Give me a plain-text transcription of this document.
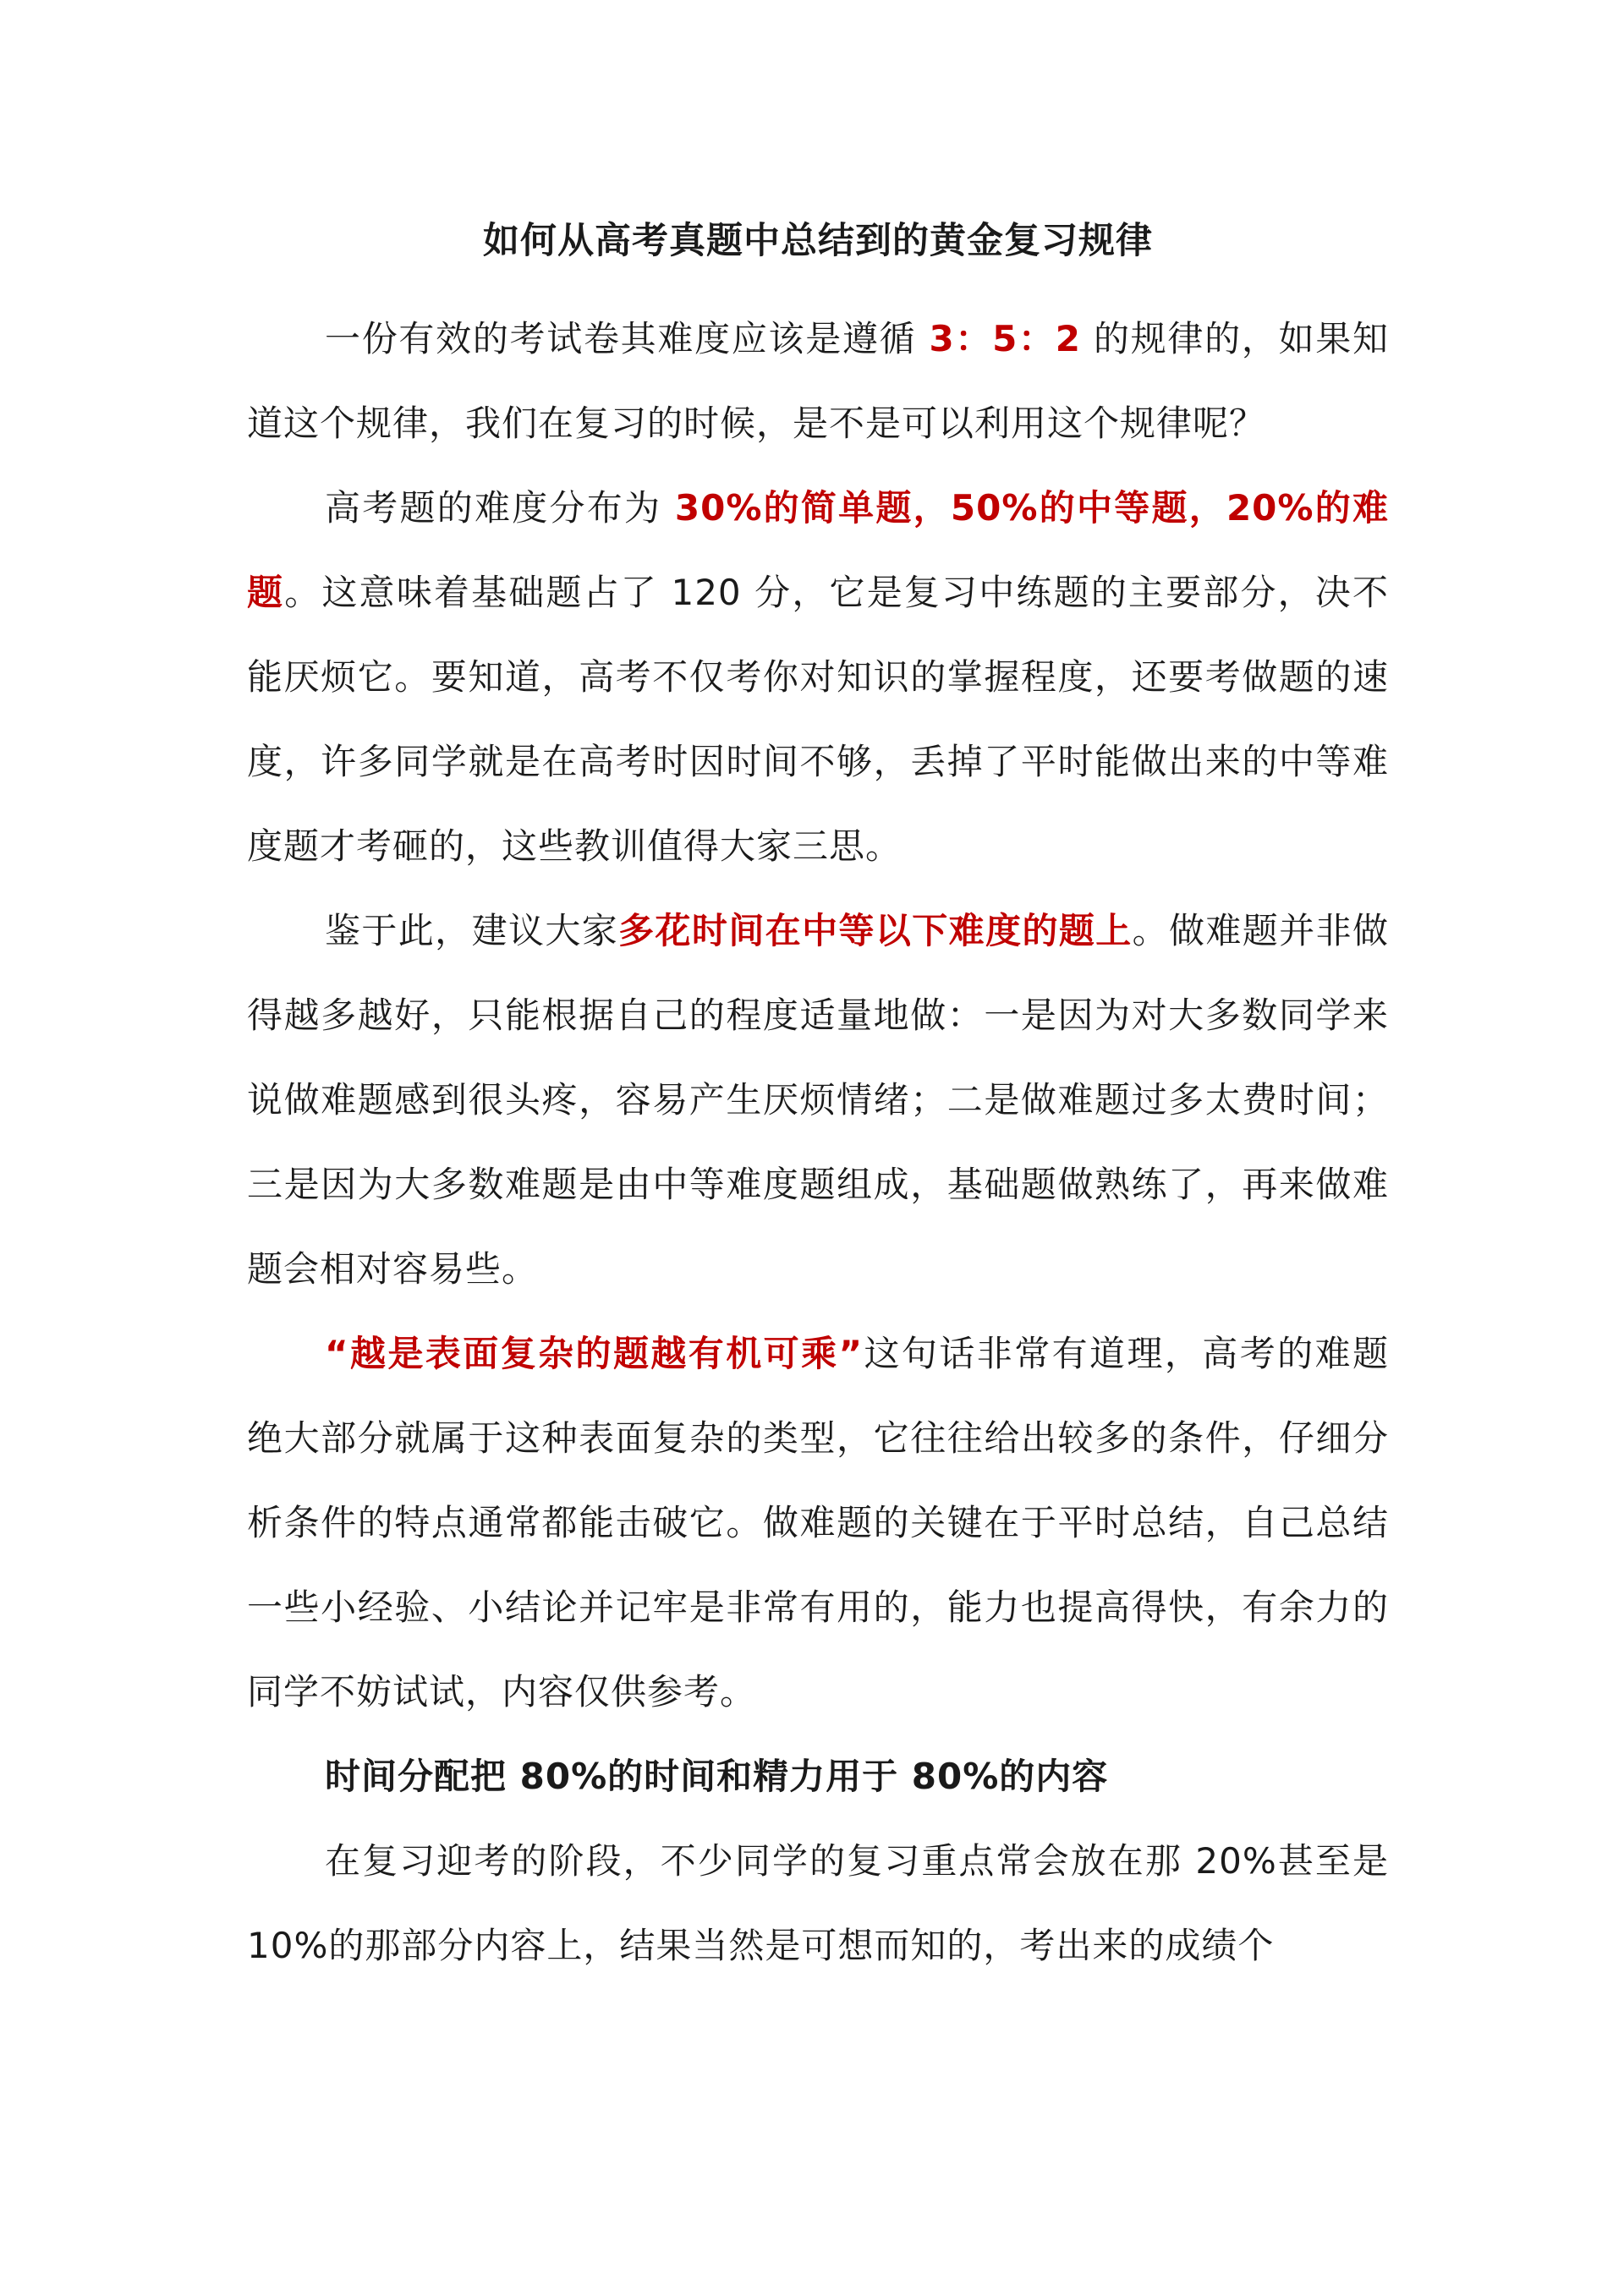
如何从高考真题中总结到的黄金复习规律

一份有效的考试卷其难度应该是遵循 3：5：2 的规律的，如果知道这个规律，我们在复习的时候，是不是可以利用这个规律呢？

高考题的难度分布为 30%的简单题，50%的中等题，20%的难题。这意味着基础题占了 120 分，它是复习中练题的主要部分，决不能厌烦它。要知道，高考不仅考你对知识的掌握程度，还要考做题的速度，许多同学就是在高考时因时间不够，丢掉了平时能做出来的中等难度题才考砸的，这些教训值得大家三思。

鉴于此，建议大家多花时间在中等以下难度的题上。做难题并非做得越多越好，只能根据自己的程度适量地做：一是因为对大多数同学来说做难题感到很头疼，容易产生厌烦情绪；二是做难题过多太费时间；三是因为大多数难题是由中等难度题组成，基础题做熟练了，再来做难题会相对容易些。

“越是表面复杂的题越有机可乘”这句话非常有道理，高考的难题绝大部分就属于这种表面复杂的类型，它往往给出较多的条件，仔细分析条件的特点通常都能击破它。做难题的关键在于平时总结，自己总结一些小经验、小结论并记牢是非常有用的，能力也提高得快，有余力的同学不妨试试，内容仅供参考。

时间分配把 80%的时间和精力用于 80%的内容

在复习迎考的阶段，不少同学的复习重点常会放在那 20%甚至是 10%的那部分内容上，结果当然是可想而知的，考出来的成绩个
